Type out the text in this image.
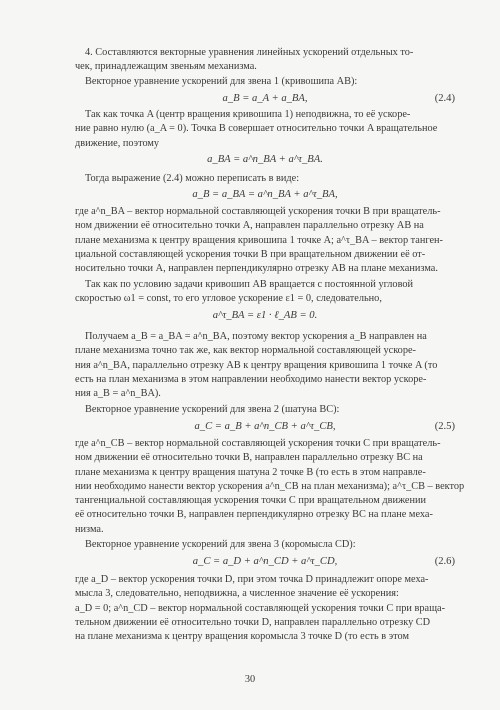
4. Составляются векторные уравнения линейных ускорений отдельных то-
чек, принадлежащим звеньям механизма.
Векторное уравнение ускорений для звена 1 (кривошипа AB):
a_B = a_A + a_BA,	(2.4)
Так как точка A (центр вращения кривошипа 1) неподвижна, то её ускоре-
ние равно нулю (a_A = 0). Точка B совершает относительно точки A вращательное
движение, поэтому
a_BA = a^n_BA + a^τ_BA.
Тогда выражение (2.4) можно переписать в виде:
a_B = a_BA = a^n_BA + a^τ_BA,
где a^n_BA – вектор нормальной составляющей ускорения точки B при вращатель-
ном движении её относительно точки A, направлен параллельно отрезку AB на
плане механизма к центру вращения кривошипа 1 точке A; a^τ_BA – вектор танген-
циальной составляющей ускорения точки B при вращательном движении её от-
носительно точки A, направлен перпендикулярно отрезку AB на плане механизма.
Так как по условию задачи кривошип AB вращается с постоянной угловой
скоростью ω1 = const, то его угловое ускорение ε1 = 0, следовательно,
a^τ_BA = ε1 · ℓ_AB = 0.
Получаем a_B = a_BA = a^n_BA, поэтому вектор ускорения a_B направлен на
плане механизма точно так же, как вектор нормальной составляющей ускоре-
ния a^n_BA, параллельно отрезку AB к центру вращения кривошипа 1 точке A (то
есть на план механизма в этом направлении необходимо нанести вектор ускоре-
ния a_B = a^n_BA).
Векторное уравнение ускорений для звена 2 (шатуна BC):
a_C = a_B + a^n_CB + a^τ_CB,	(2.5)
где a^n_CB – вектор нормальной составляющей ускорения точки C при вращатель-
ном движении её относительно точки B, направлен параллельно отрезку BC на
плане механизма к центру вращения шатуна 2 точке B (то есть в этом направле-
нии необходимо нанести вектор ускорения a^n_CB на план механизма); a^τ_CB – вектор
тангенциальной составляющая ускорения точки C при вращательном движении
её относительно точки B, направлен перпендикулярно отрезку BC на плане меха-
низма.
Векторное уравнение ускорений для звена 3 (коромысла CD):
a_C = a_D + a^n_CD + a^τ_CD,	(2.6)
где a_D – вектор ускорения точки D, при этом точка D принадлежит опоре меха-
мысла 3, следовательно, неподвижна, а численное значение её ускорения:
a_D = 0; a^n_CD – вектор нормальной составляющей ускорения точки C при враща-
тельном движении её относительно точки D, направлен параллельно отрезку CD
на плане механизма к центру вращения коромысла 3 точке D (то есть в этом
30
